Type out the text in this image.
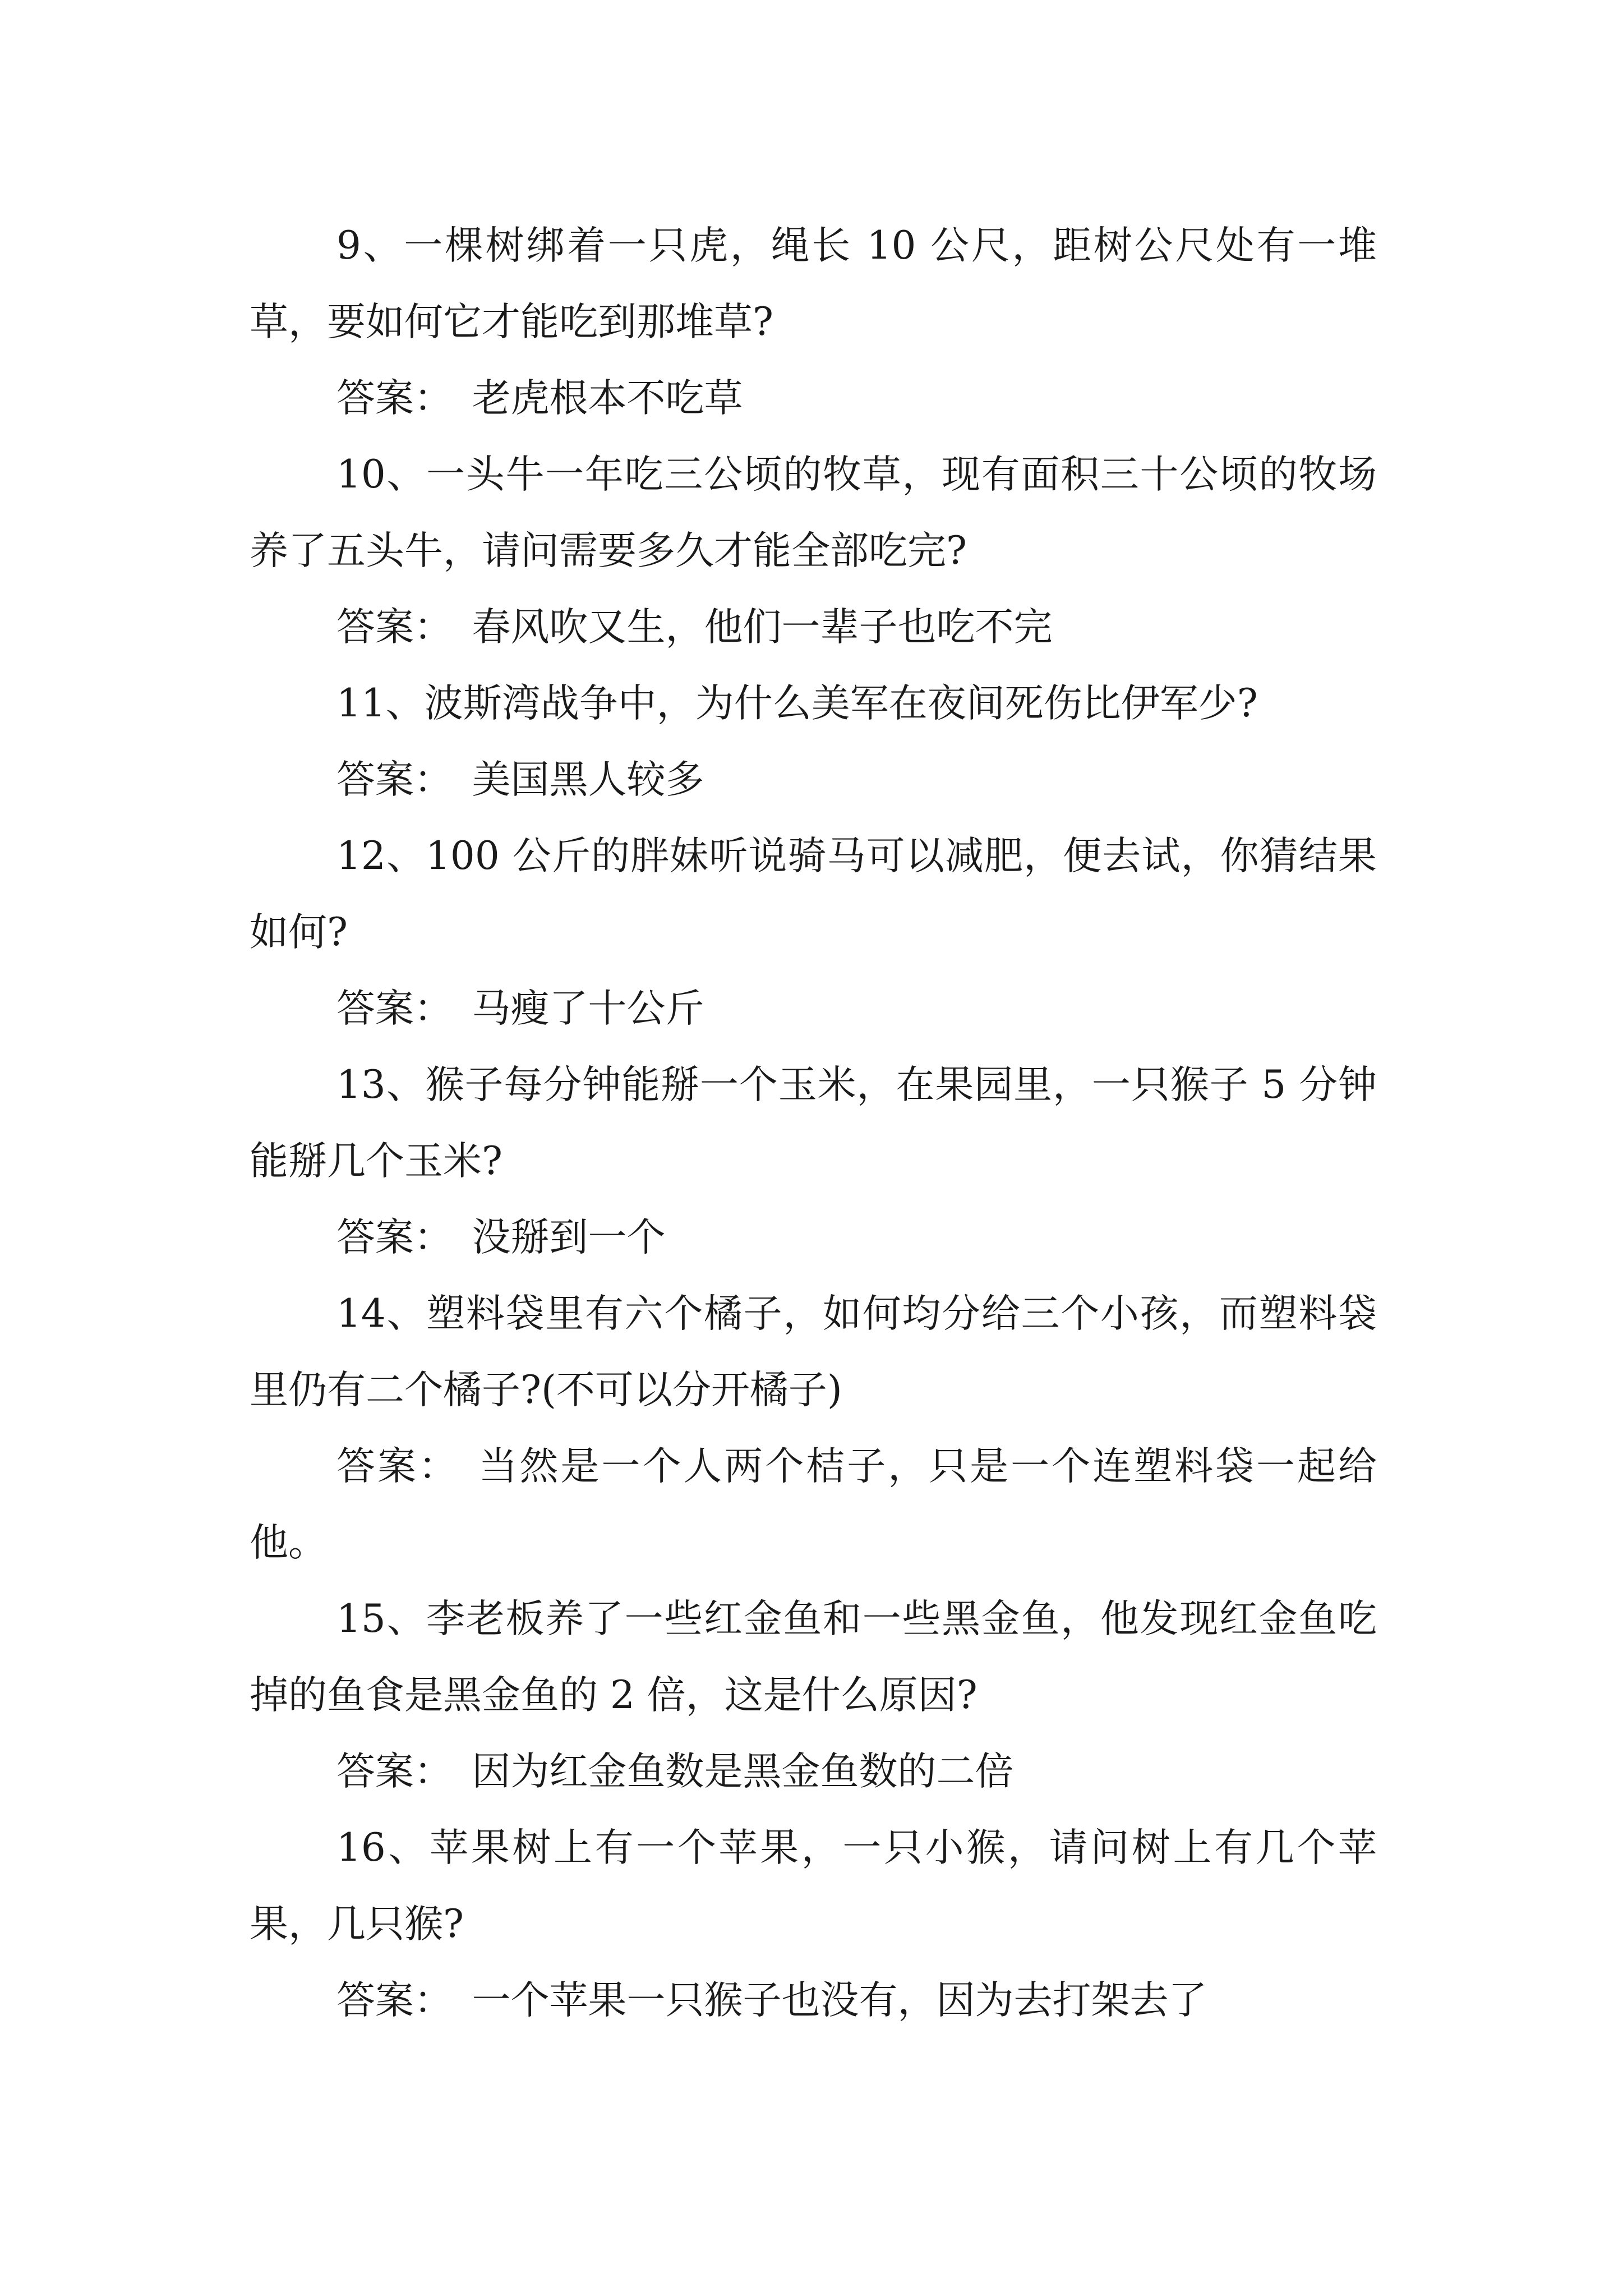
9、一棵树绑着一只虎，绳长 10 公尺，距树公尺处有一堆草，要如何它才能吃到那堆草?

答案： 老虎根本不吃草

10、一头牛一年吃三公顷的牧草，现有面积三十公顷的牧场养了五头牛，请问需要多久才能全部吃完?

答案： 春风吹又生，他们一辈子也吃不完

11、波斯湾战争中，为什么美军在夜间死伤比伊军少?

答案： 美国黑人较多

12、100 公斤的胖妹听说骑马可以减肥，便去试，你猜结果如何?

答案： 马瘦了十公斤

13、猴子每分钟能掰一个玉米，在果园里，一只猴子 5 分钟能掰几个玉米?

答案： 没掰到一个

14、塑料袋里有六个橘子，如何均分给三个小孩，而塑料袋里仍有二个橘子?(不可以分开橘子)

答案： 当然是一个人两个桔子，只是一个连塑料袋一起给他。

15、李老板养了一些红金鱼和一些黑金鱼，他发现红金鱼吃掉的鱼食是黑金鱼的 2 倍，这是什么原因?

答案： 因为红金鱼数是黑金鱼数的二倍

16、苹果树上有一个苹果，一只小猴，请问树上有几个苹果，几只猴?

答案： 一个苹果一只猴子也没有，因为去打架去了
